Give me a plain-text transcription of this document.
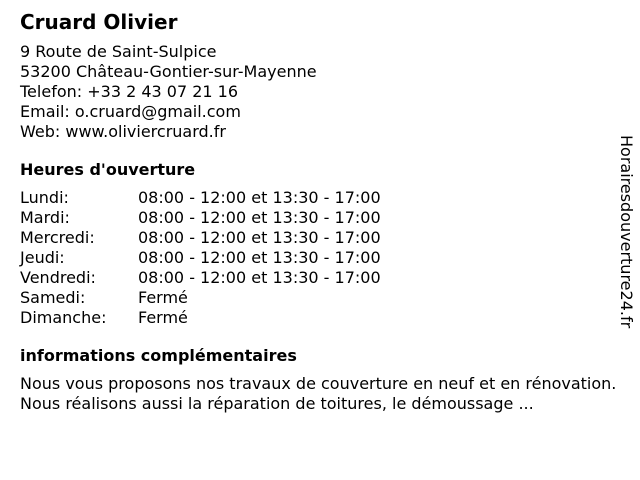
Cruard Olivier
9 Route de Saint-Sulpice
53200 Château-Gontier-sur-Mayenne
Telefon: +33 2 43 07 21 16
Email: o.cruard@gmail.com
Web: www.oliviercruard.fr
Heures d'ouverture
Lundi:	08:00 - 12:00 et 13:30 - 17:00
Mardi:	08:00 - 12:00 et 13:30 - 17:00
Mercredi:	08:00 - 12:00 et 13:30 - 17:00
Jeudi:	08:00 - 12:00 et 13:30 - 17:00
Vendredi:	08:00 - 12:00 et 13:30 - 17:00
Samedi:	Fermé
Dimanche:	Fermé
informations complémentaires
Nous vous proposons nos travaux de couverture en neuf et en rénovation. Nous réalisons aussi la réparation de toitures, le démoussage ...
Horairesdouverture24.fr
